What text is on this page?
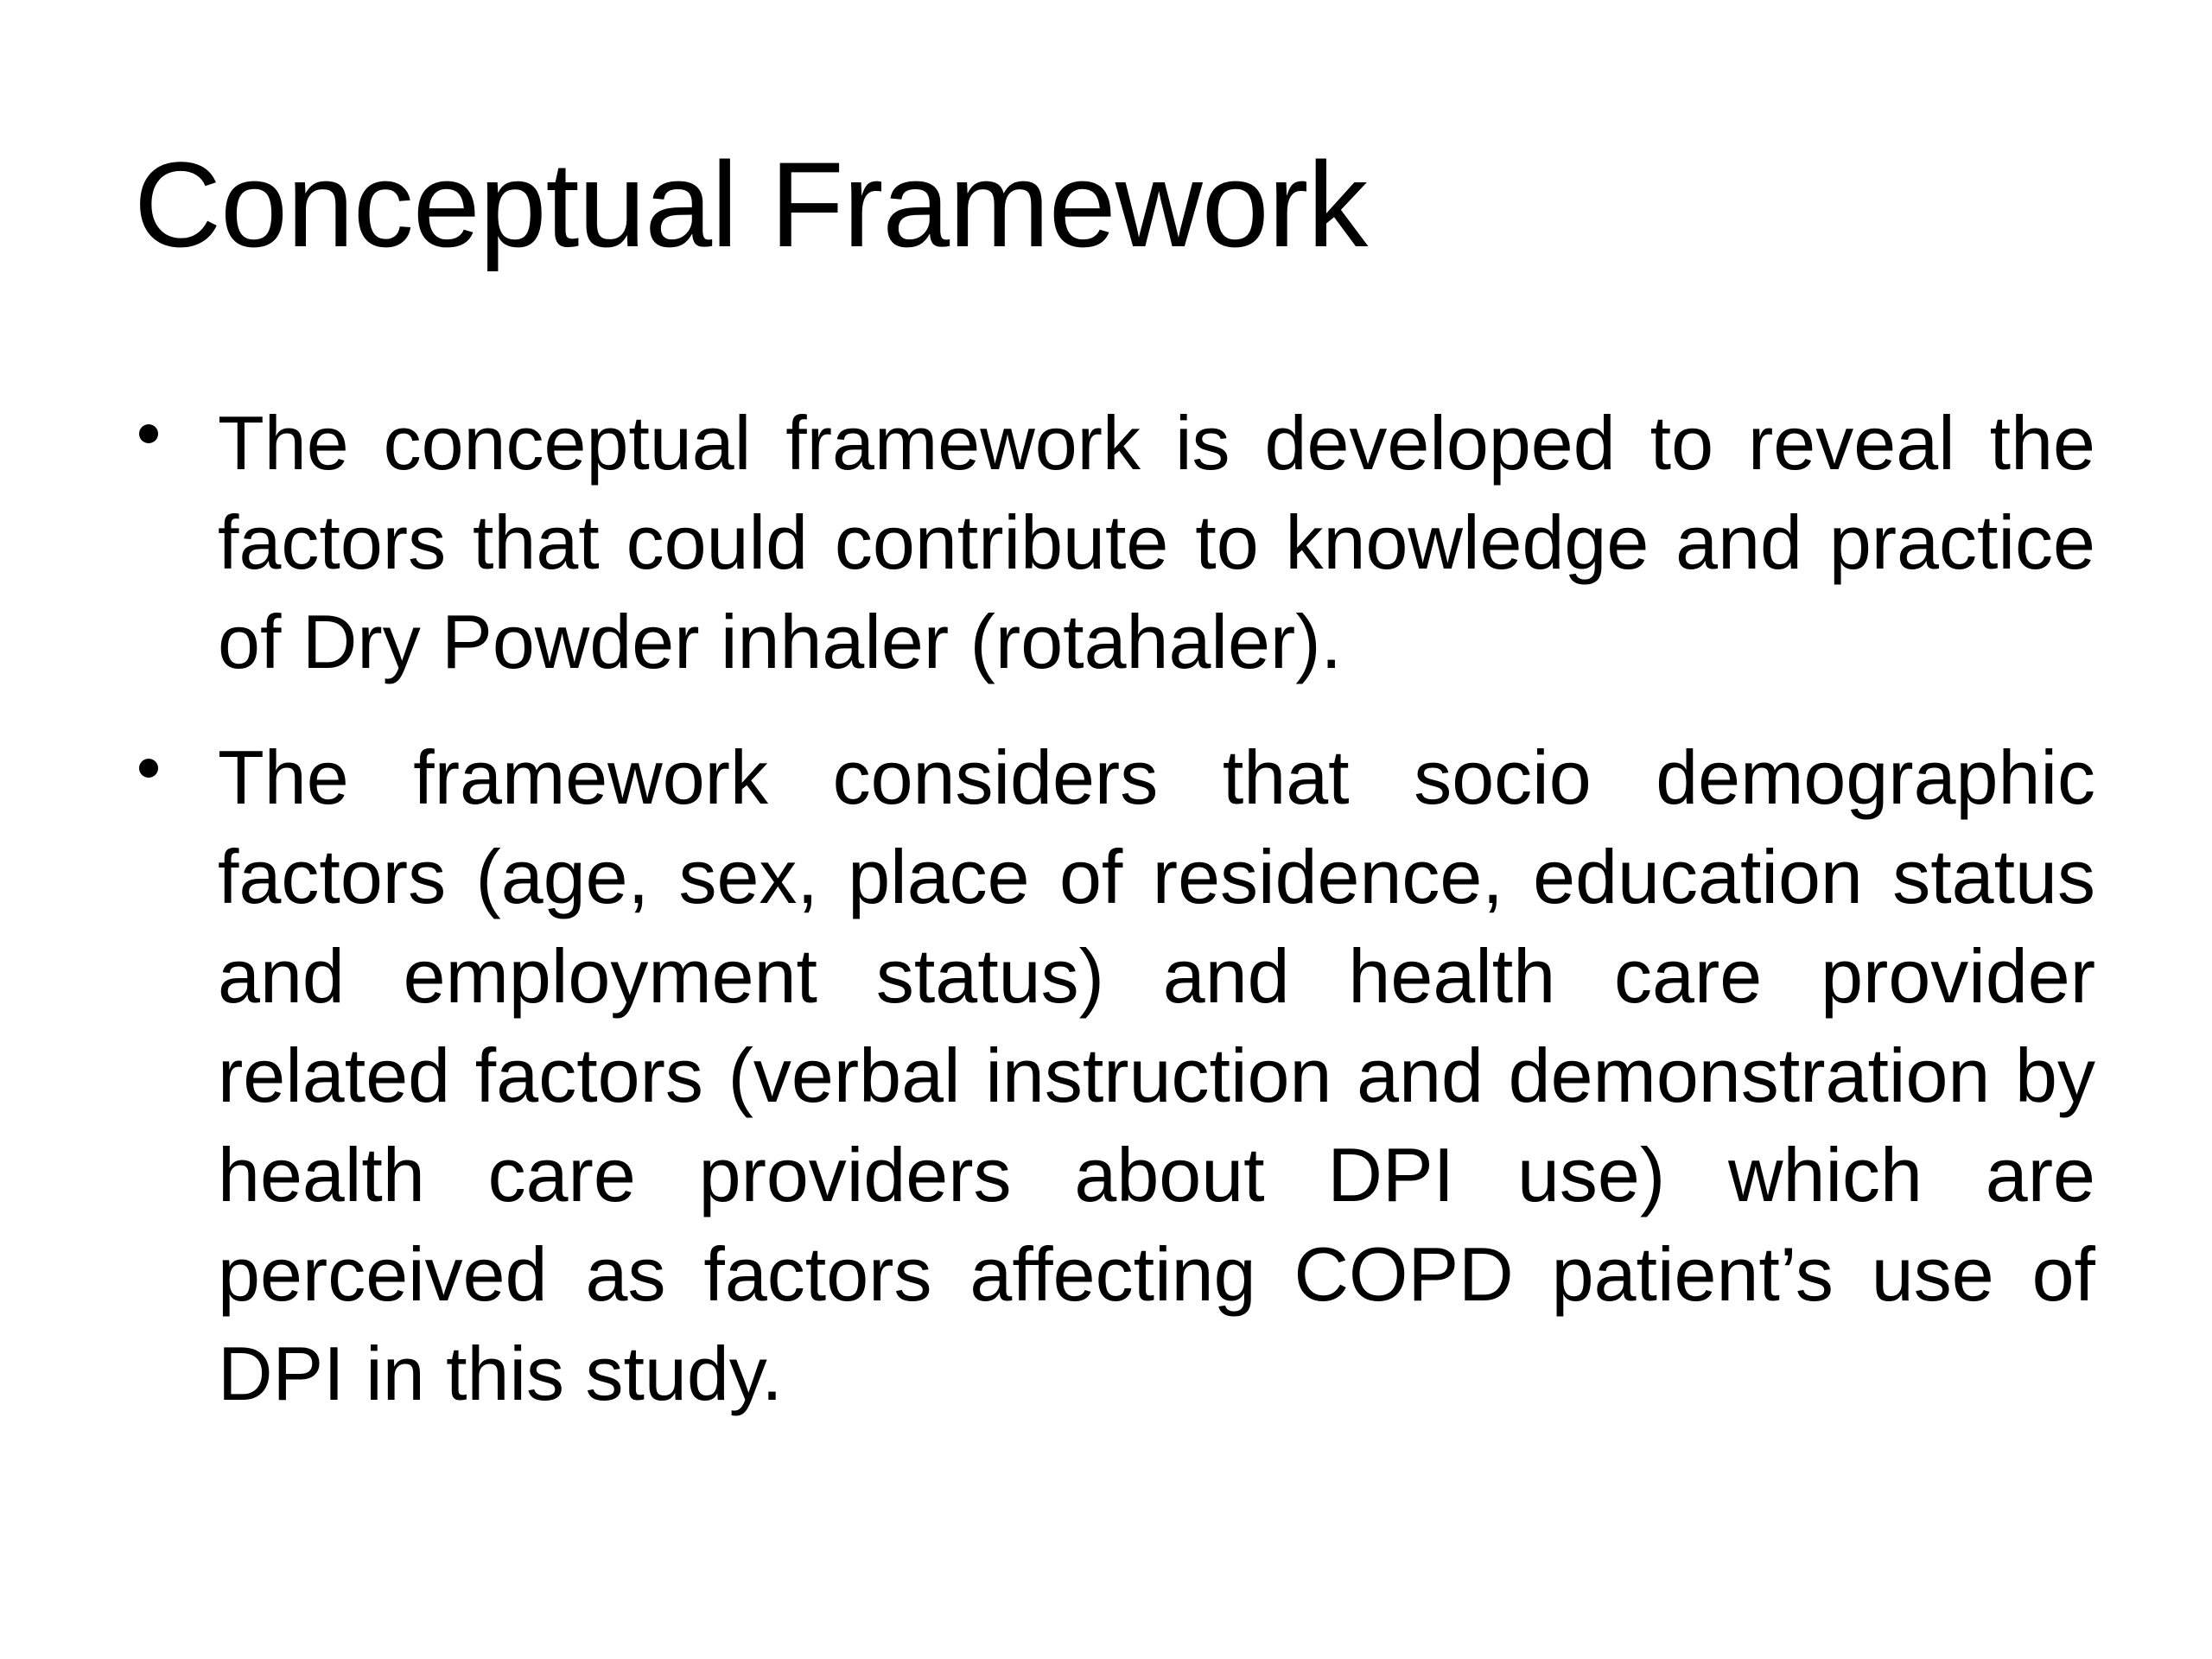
Conceptual Framework
The conceptual framework is developed to reveal the factors that could contribute to knowledge and practice of Dry Powder inhaler (rotahaler).
The framework considers that socio demographic factors (age, sex, place of residence, education status and employment status) and health care provider related factors (verbal instruction and demonstration by health care providers about DPI use) which are perceived as factors affecting COPD patient’s use of DPI in this study.
